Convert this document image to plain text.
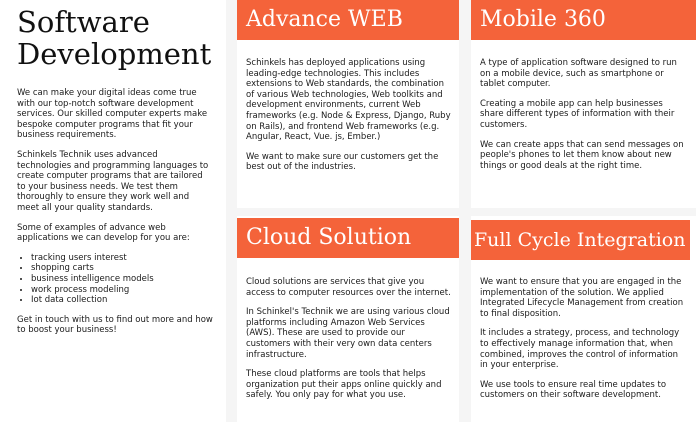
Software
Development

We can make your digital ideas come true with our top-notch software development services. Our skilled computer experts make bespoke computer programs that fit your business requirements.

Schinkels Technik uses advanced technologies and programming languages to create computer programs that are tailored to your business needs. We test them thoroughly to ensure they work well and meet all your quality standards.

Some of examples of advance web applications we can develop for you are:

• tracking users interest
• shopping carts
• business intelligence models
• work process modeling
• Iot data collection

Get in touch with us to find out more and how to boost your business!

Advance WEB

Schinkels has deployed applications using leading-edge technologies. This includes extensions to Web standards, the combination of various Web technologies, Web toolkits and development environments, current Web frameworks (e.g. Node & Express, Django, Ruby on Rails), and frontend Web frameworks (e.g. Angular, React, Vue. js, Ember.)

We want to make sure our customers get the best out of the industries.

Mobile 360

A type of application software designed to run on a mobile device, such as smartphone or tablet computer.

Creating a mobile app can help businesses share different types of information with their customers.

We can create apps that can send messages on people's phones to let them know about new things or good deals at the right time.

Cloud Solution

Cloud solutions are services that give you access to computer resources over the internet.

In Schinkel's Technik we are using various cloud platforms including Amazon Web Services (AWS). These are used to provide our customers with their very own data centers infrastructure.

These cloud platforms are tools that helps organization put their apps online quickly and safely. You only pay for what you use.

Full Cycle Integration

We want to ensure that you are engaged in the implementation of the solution. We applied Integrated Lifecycle Management from creation to final disposition.

It includes a strategy, process, and technology to effectively manage information that, when combined, improves the control of information in your enterprise.

We use tools to ensure real time updates to customers on their software development.
